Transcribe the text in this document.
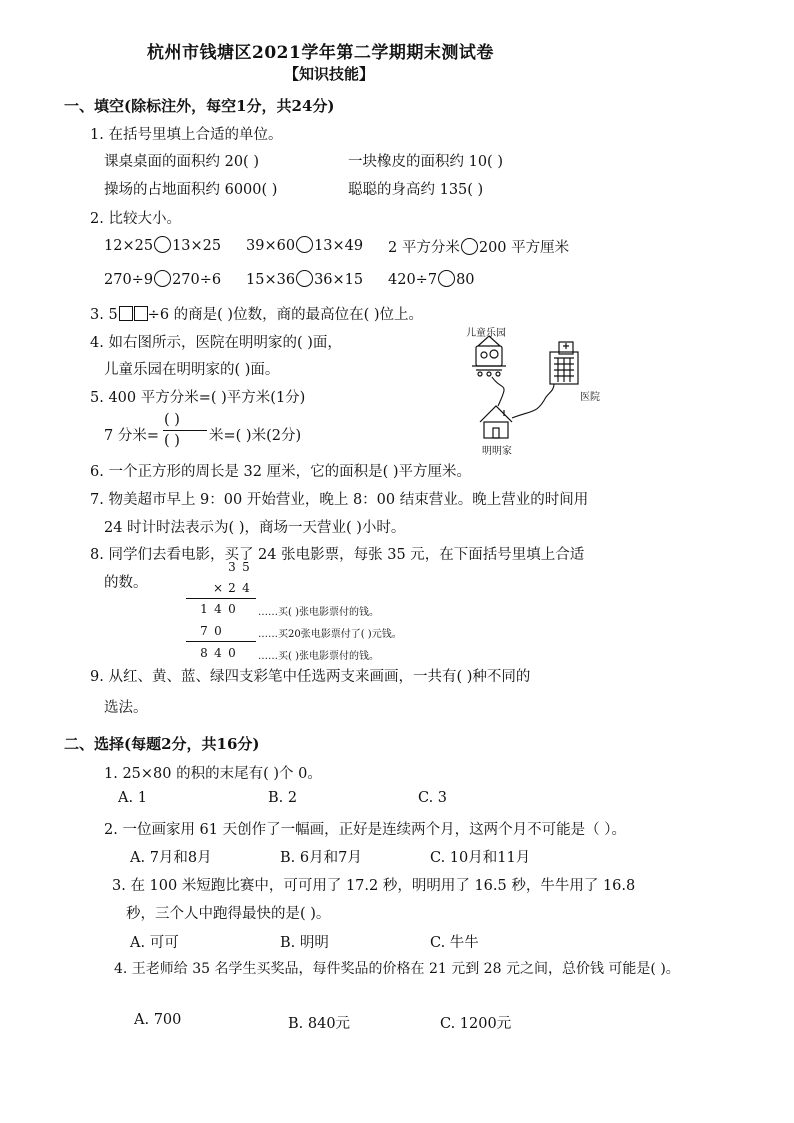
杭州市钱塘区2021学年第二学期期末测试卷
【知识技能】
一、填空(除标注外，每空1分，共24分)
1. 在括号里填上合适的单位。
课桌桌面的面积约 20( )	一块橡皮的面积约 10( )
操场的占地面积约 6000( )	聪聪的身高约 135( )
2. 比较大小。
12×25 13×25 39×60 13×49 2 平方分米 200 平方厘米
270÷9 270÷6 15×36 36×15 420÷7 80
3. 5 ÷6 的商是( )位数，商的最高位在( )位上。
4. 如右图所示，医院在明明家的( )面，
儿童乐园在明明家的( )面。
5. 400 平方分米=( )平方米(1分)
7 分米=
( )
( ) 米=( )米(2分)
儿童乐园
医院
明明家
6. 一个正方形的周长是 32 厘米，它的面积是( )平方厘米。
7. 物美超市早上 9：00 开始营业，晚上 8：00 结束营业。晚上营业的时间用
24 时计时法表示为( )，商场一天营业( )小时。
8. 同学们去看电影，买了 24 张电影票，每张 35 元，在下面括号里填上合适
的数。
3 5
× 2 4
1 4 0	……买( )张电影票付的钱。
7 0	……买20张电影票付了( )元钱。
8 4 0	……买( )张电影票付的钱。
9. 从红、黄、蓝、绿四支彩笔中任选两支来画画，一共有( )种不同的
选法。
二、选择(每题2分，共16分)
1. 25×80 的积的末尾有( )个 0。
A. 1	B. 2	C. 3
2. 一位画家用 61 天创作了一幅画，正好是连续两个月，这两个月不可能是（ ）。
A. 7月和8月	B. 6月和7月	C. 10月和11月
3. 在 100 米短跑比赛中，可可用了 17.2 秒，明明用了 16.5 秒，牛牛用了 16.8
秒，三个人中跑得最快的是( )。
A. 可可	B. 明明	C. 牛牛
4. 王老师给 35 名学生买奖品，每件奖品的价格在 21 元到 28 元之间，总价钱 可能是( )。
A. 700	B. 840元	C. 1200元
